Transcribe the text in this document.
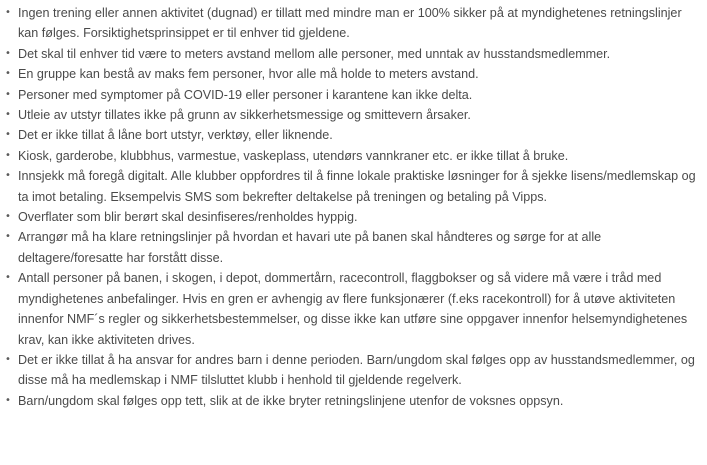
• Ingen trening eller annen aktivitet (dugnad) er tillatt med mindre man er 100% sikker på at myndighetenes retningslinjer kan følges. Forsiktighetsprinsippet er til enhver tid gjeldene.
• Det skal til enhver tid være to meters avstand mellom alle personer, med unntak av husstandsmedlemmer.
• En gruppe kan bestå av maks fem personer, hvor alle må holde to meters avstand.
• Personer med symptomer på COVID-19 eller personer i karantene kan ikke delta.
• Utleie av utstyr tillates ikke på grunn av sikkerhetsmessige og smittevern årsaker.
• Det er ikke tillat å låne bort utstyr, verktøy, eller liknende.
• Kiosk, garderobe, klubbhus, varmestue, vaskeplass, utendørs vannkraner etc. er ikke tillat å bruke.
• Innsjekk må foregå digitalt. Alle klubber oppfordres til å finne lokale praktiske løsninger for å sjekke lisens/medlemskap og ta imot betaling. Eksempelvis SMS som bekrefter deltakelse på treningen og betaling på Vipps.
• Overflater som blir berørt skal desinfiseres/renholdes hyppig.
• Arrangør må ha klare retningslinjer på hvordan et havari ute på banen skal håndteres og sørge for at alle deltagere/foresatte har forstått disse.
• Antall personer på banen, i skogen, i depot, dommertårn, racecontroll, flaggbokser og så videre må være i tråd med myndighetenes anbefalinger. Hvis en gren er avhengig av flere funksjonærer (f.eks racekontroll) for å utøve aktiviteten innenfor NMF´s regler og sikkerhetsbestemmelser, og disse ikke kan utføre sine oppgaver innenfor helsemyndighetenes krav, kan ikke aktiviteten drives.
• Det er ikke tillat å ha ansvar for andres barn i denne perioden. Barn/ungdom skal følges opp av husstandsmedlemmer, og disse må ha medlemskap i NMF tilsluttet klubb i henhold til gjeldende regelverk.
• Barn/ungdom skal følges opp tett, slik at de ikke bryter retningslinjene utenfor de voksnes oppsyn.
